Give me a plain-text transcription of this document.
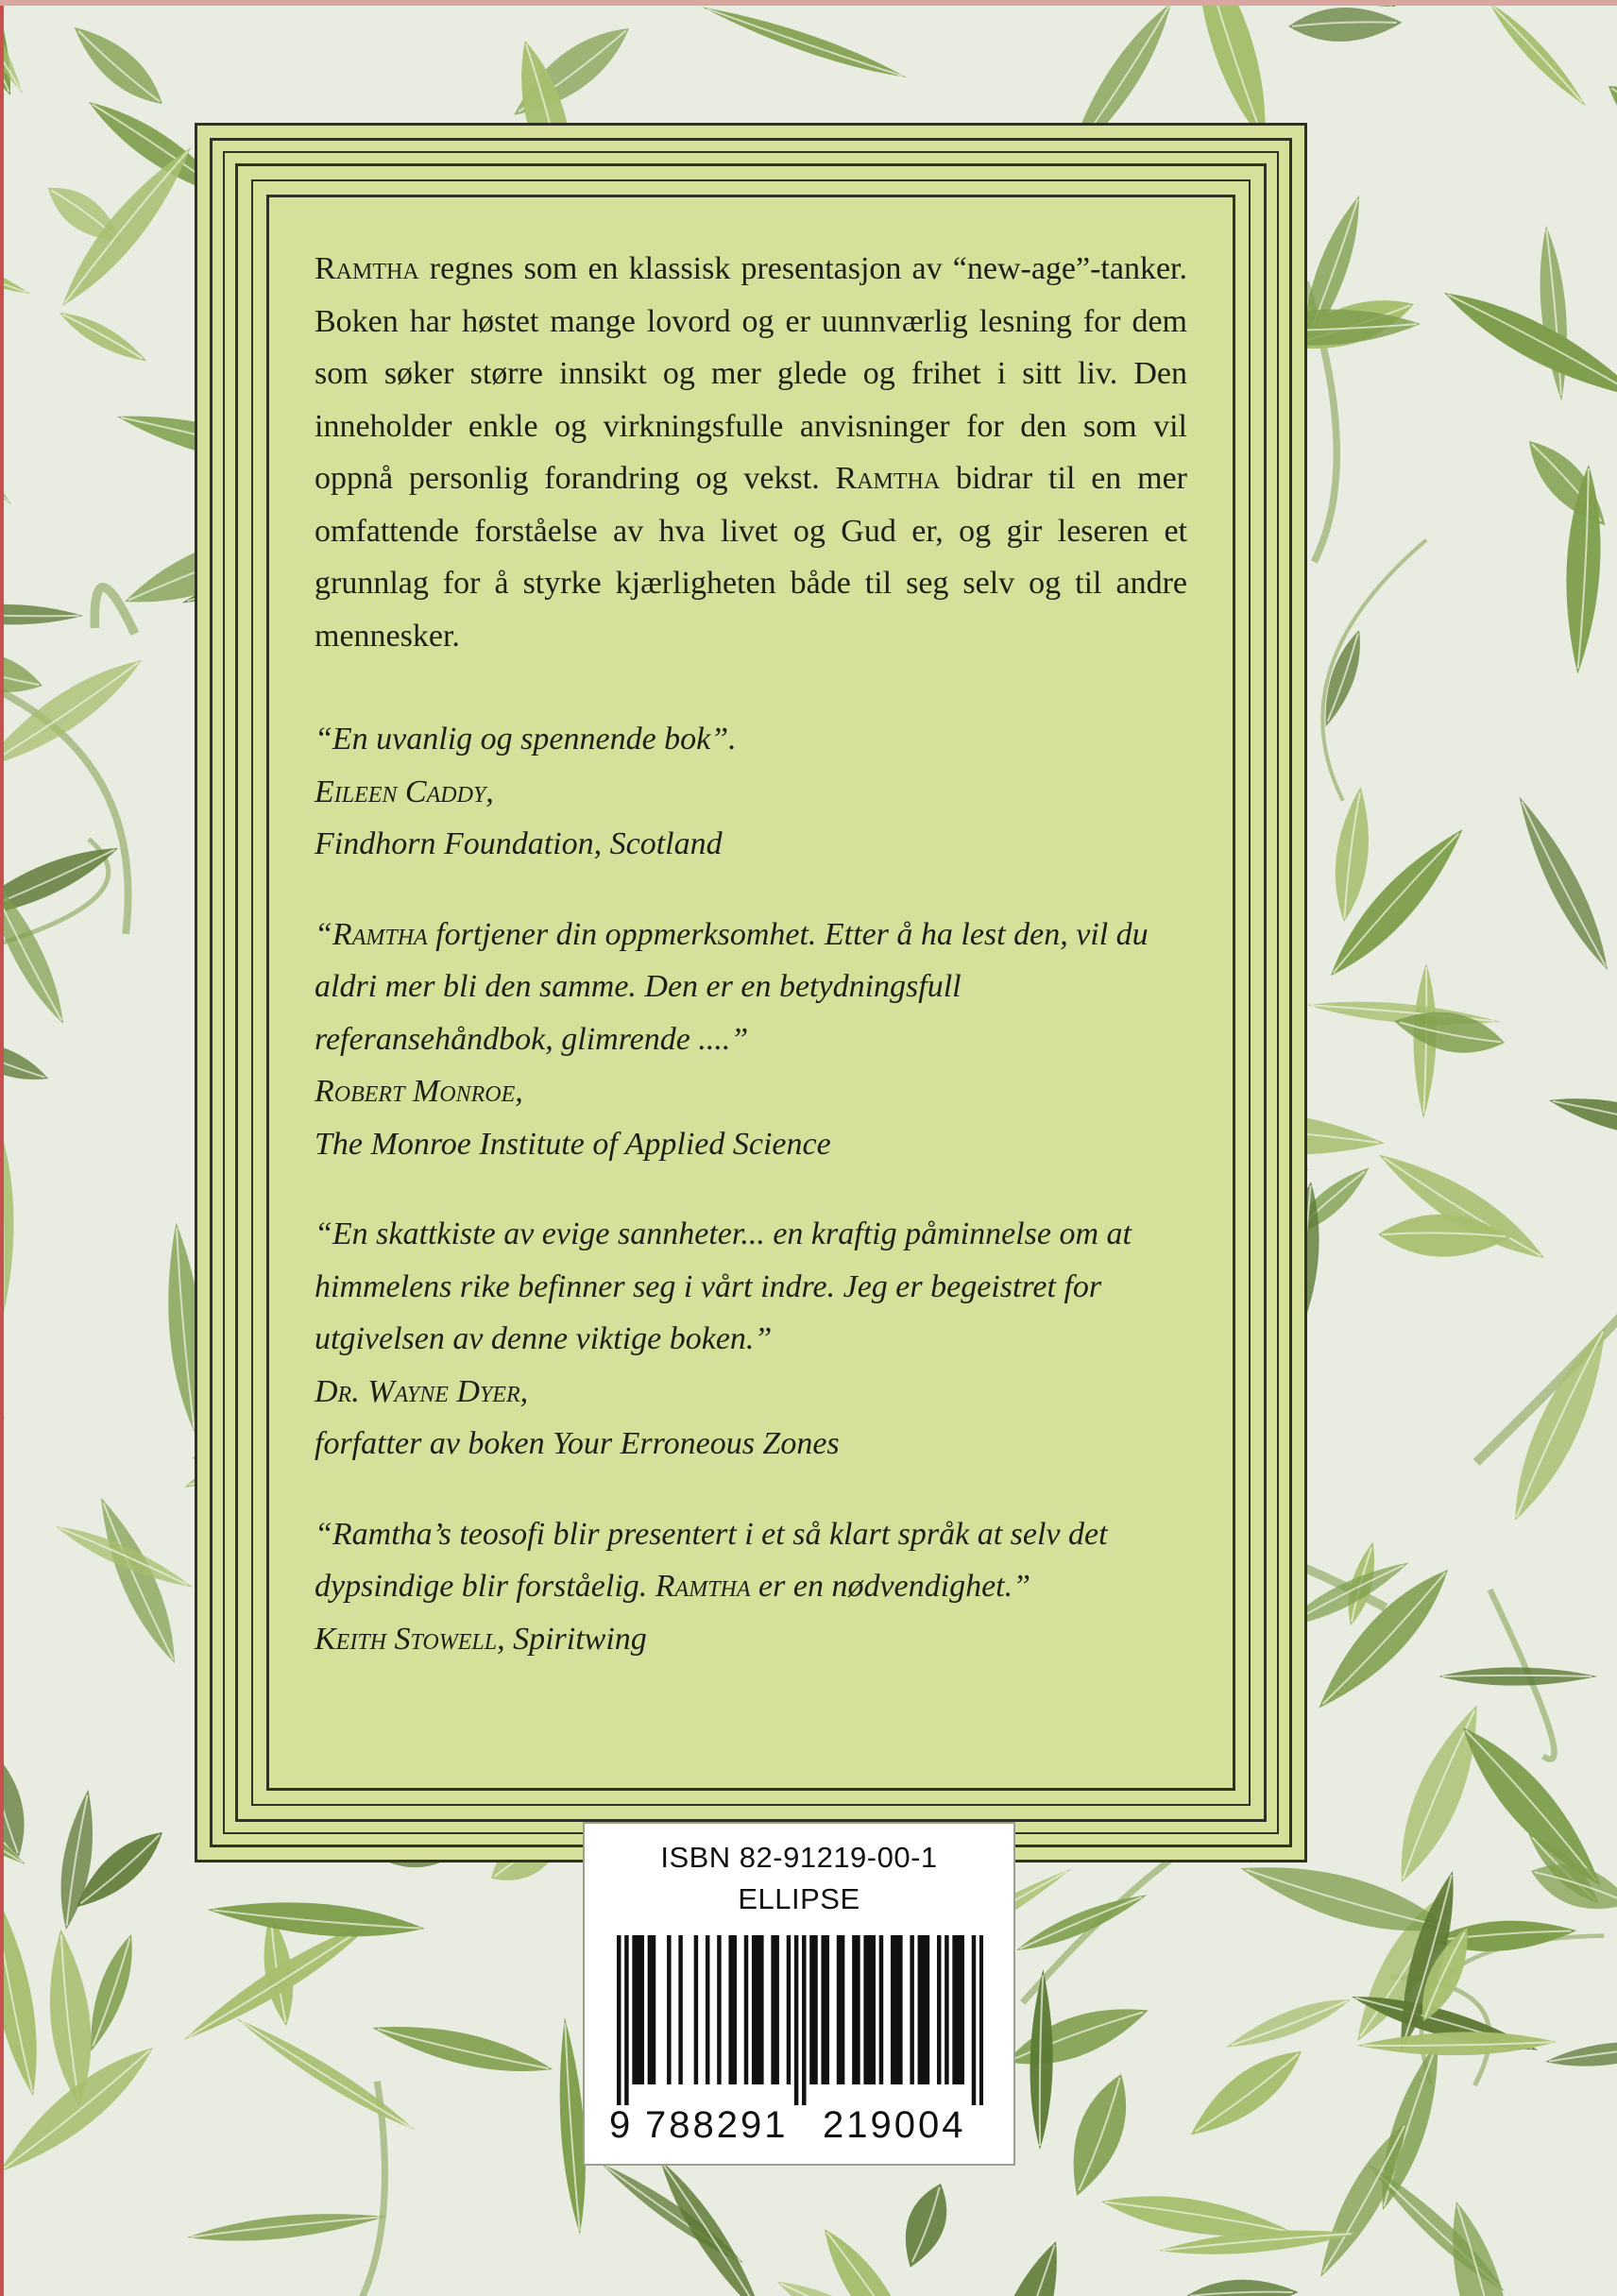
Ramtha regnes som en klassisk presentasjon av “new-age”-tanker. Boken har høstet mange lovord og er uunnværlig lesning for dem som søker større innsikt og mer glede og frihet i sitt liv. Den inneholder enkle og virkningsfulle anvisninger for den som vil oppnå personlig forandring og vekst. Ramtha bidrar til en mer omfattende forståelse av hva livet og Gud er, og gir leseren et grunnlag for å styrke kjærligheten både til seg selv og til andre mennesker.

“En uvanlig og spennende bok”.
Eileen Caddy,
Findhorn Foundation, Scotland

“Ramtha fortjener din oppmerksomhet. Etter å ha lest den, vil du aldri mer bli den samme. Den er en betydningsfull referansehåndbok, glimrende ....”
Robert Monroe,
The Monroe Institute of Applied Science

“En skattkiste av evige sannheter... en kraftig påminnelse om at himmelens rike befinner seg i vårt indre. Jeg er begeistret for utgivelsen av denne viktige boken.”
Dr. Wayne Dyer,
forfatter av boken Your Erroneous Zones

“Ramtha’s teosofi blir presentert i et så klart språk at selv det dypsindige blir forståelig. Ramtha er en nødvendighet.”
Keith Stowell, Spiritwing

ISBN 82-91219-00-1
ELLIPSE
9 788291 219004
